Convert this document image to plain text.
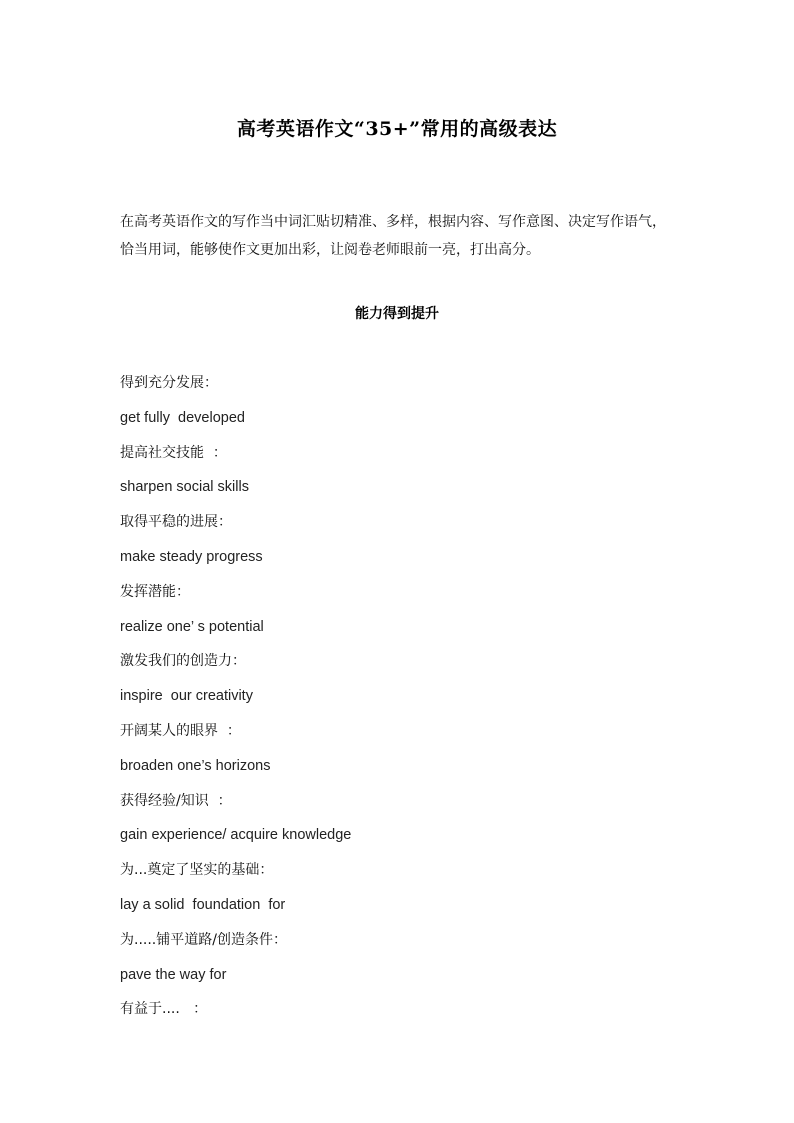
高考英语作文“35+”常用的高级表达

在高考英语作文的写作当中词汇贴切精准、多样，根据内容、写作意图、决定写作语气，恰当用词，能够使作文更加出彩，让阅卷老师眼前一亮，打出高分。

能力得到提升
得到充分发展：
get fully  developed
提高社交技能  ：
sharpen social skills
取得平稳的进展：
make steady progress
发挥潜能：
realize one’ s potential
激发我们的创造力：
inspire  our creativity
开阔某人的眼界  ：
broaden one’s horizons
获得经验/知识  ：
gain experience/ acquire knowledge
为...奠定了坚实的基础：
lay a solid  foundation  for
为.....铺平道路/创造条件：
pave the way for
有益于....   ：
